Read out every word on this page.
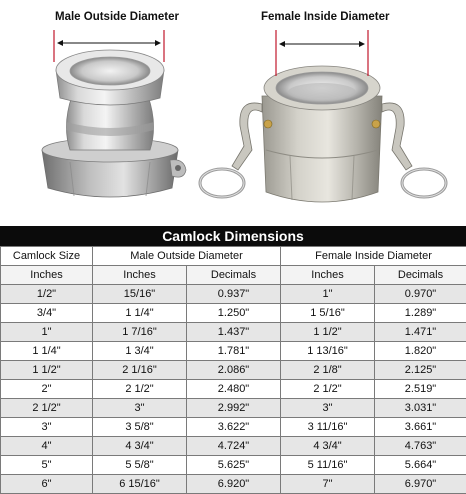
Male Outside Diameter	Female Inside Diameter
Camlock Dimensions
Camlock Size	Male Outside Diameter		Female Inside Diameter	
Inches	Inches	Decimals	Inches	Decimals
1/2"	15/16"	0.937"	1"	0.970"
3/4"	1 1/4"	1.250"	1 5/16"	1.289"
1"	1 7/16"	1.437"	1 1/2"	1.471"
1 1/4"	1 3/4"	1.781"	1 13/16"	1.820"
1 1/2"	2 1/16"	2.086"	2 1/8"	2.125"
2"	2 1/2"	2.480"	2 1/2"	2.519"
2 1/2"	3"	2.992"	3"	3.031"
3"	3 5/8"	3.622"	3 11/16"	3.661"
4"	4 3/4"	4.724"	4 3/4"	4.763"
5"	5 5/8"	5.625"	5 11/16"	5.664"
6"	6 15/16"	6.920"	7"	6.970"
